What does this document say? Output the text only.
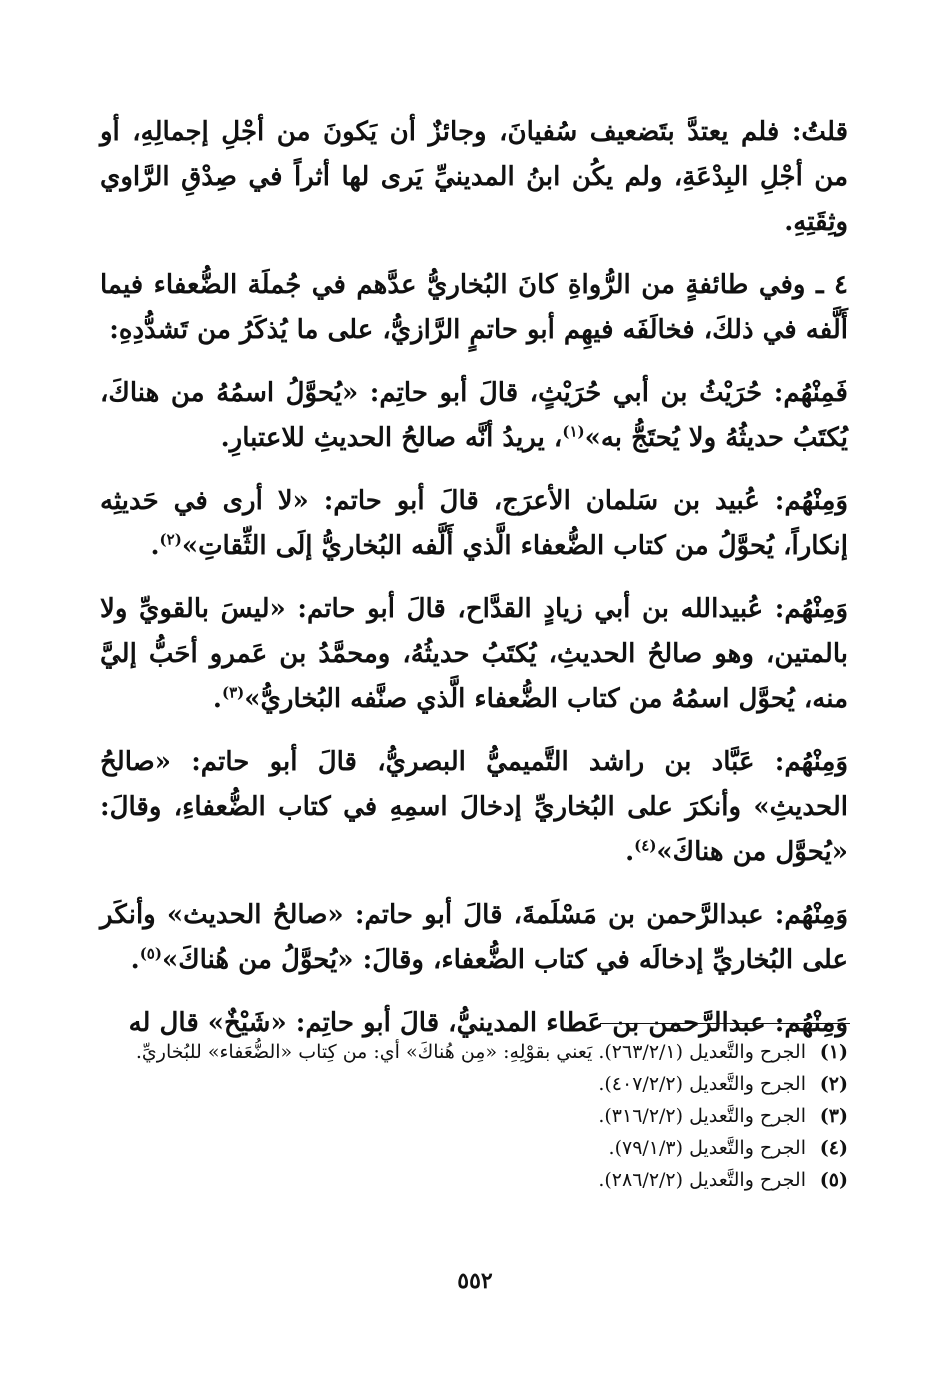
قلتُ: فلم يعتدَّ بتَضعيف سُفيانَ، وجائزٌ أن يَكونَ من أجْلِ إجمالِهِ، أو من أجْلِ البِدْعَةِ، ولم يكُن ابنُ المدينيِّ يَرى لها أثراً في صِدْقِ الرَّاوي وثِقَتِهِ.

٤ ـ وفي طائفةٍ من الرُّواةِ كانَ البُخاريُّ عدَّهم في جُملَة الضُّعفاء فيما أَلَّفه في ذلكَ، فخالَفَه فيهِم أبو حاتمٍ الرَّازيُّ، على ما يُذكَرُ من تَشدُّدِهِ:

فَمِنْهُم: حُرَيْثُ بن أبي حُرَيْثٍ، قالَ أبو حاتِم: «يُحوَّلُ اسمُهُ من هناكَ، يُكتَبُ حديثُهُ ولا يُحتَجُّ به»$^{(١)}$، يريدُ أنَّه صالحُ الحديثِ للاعتبارِ.

وَمِنْهُم: عُبيد بن سَلمان الأعرَج، قالَ أبو حاتم: «لا أرى في حَديثِه إنكاراً، يُحوَّلُ من كتاب الضُّعفاء الَّذي أَلَّفه البُخاريُّ إلَى الثِّقاتِ»$^{(٢)}$.

وَمِنْهُم: عُبيدالله بن أبي زيادٍ القدَّاح، قالَ أبو حاتم: «ليسَ بالقويِّ ولا بالمتين، وهو صالحُ الحديثِ، يُكتَبُ حديثُهُ، ومحمَّدُ بن عَمرو أحَبُّ إليَّ منه، يُحوَّل اسمُهُ من كتاب الضُّعفاء الَّذي صنَّفه البُخاريُّ»$^{(٣)}$.

وَمِنْهُم: عَبَّاد بن راشد التَّميميُّ البصريُّ، قالَ أبو حاتم: «صالحُ الحديثِ» وأنكرَ على البُخاريِّ إدخالَ اسمِهِ في كتاب الضُّعفاءِ، وقالَ: «يُحوَّل من هناكَ»$^{(٤)}$.

وَمِنْهُم: عبدالرَّحمن بن مَسْلَمةَ، قالَ أبو حاتم: «صالحُ الحديث» وأنكَر على البُخاريِّ إدخالَه في كتاب الضُّعفاء، وقالَ: «يُحوَّلُ من هُناكَ»$^{(٥)}$.

وَمِنْهُم: عبدالرَّحمن بن عَطاء المدينيُّ، قالَ أبو حاتِم: «شَيْخٌ» قال له

(١)
الجرح والتَّعديل (٢٦٣/٢/١). يَعني بقوْلِهِ: «مِن هُناكَ» أي: من كِتاب «الضُّعَفاء» للبُخاريِّ.
(٢)
الجرح والتَّعديل (٤٠٧/٢/٢).
(٣)
الجرح والتَّعديل (٣١٦/٢/٢).
(٤)
الجرح والتَّعديل (٧٩/١/٣).
(٥)
الجرح والتَّعديل (٢٨٦/٢/٢).
٥٥٢
